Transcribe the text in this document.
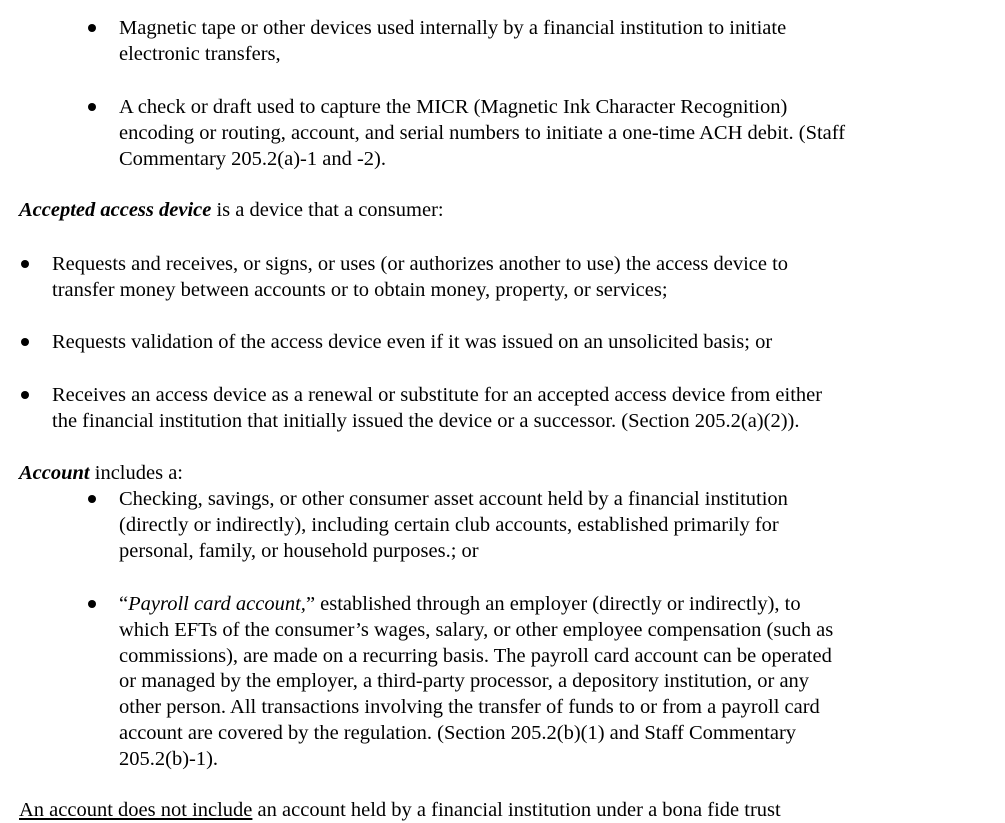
Magnetic tape or other devices used internally by a financial institution to initiate
electronic transfers,
A check or draft used to capture the MICR (Magnetic Ink Character Recognition)
encoding or routing, account, and serial numbers to initiate a one-time ACH debit. (Staff
Commentary 205.2(a)-1 and -2).
Accepted access device is a device that a consumer:
Requests and receives, or signs, or uses (or authorizes another to use) the access device to
transfer money between accounts or to obtain money, property, or services;
Requests validation of the access device even if it was issued on an unsolicited basis; or
Receives an access device as a renewal or substitute for an accepted access device from either
the financial institution that initially issued the device or a successor. (Section 205.2(a)(2)).
Account includes a:
Checking, savings, or other consumer asset account held by a financial institution
(directly or indirectly), including certain club accounts, established primarily for
personal, family, or household purposes.; or
“Payroll card account,” established through an employer (directly or indirectly), to
which EFTs of the consumer’s wages, salary, or other employee compensation (such as
commissions), are made on a recurring basis. The payroll card account can be operated
or managed by the employer, a third-party processor, a depository institution, or any
other person. All transactions involving the transfer of funds to or from a payroll card
account are covered by the regulation. (Section 205.2(b)(1) and Staff Commentary
205.2(b)-1).
An account does not include an account held by a financial institution under a bona fide trust
